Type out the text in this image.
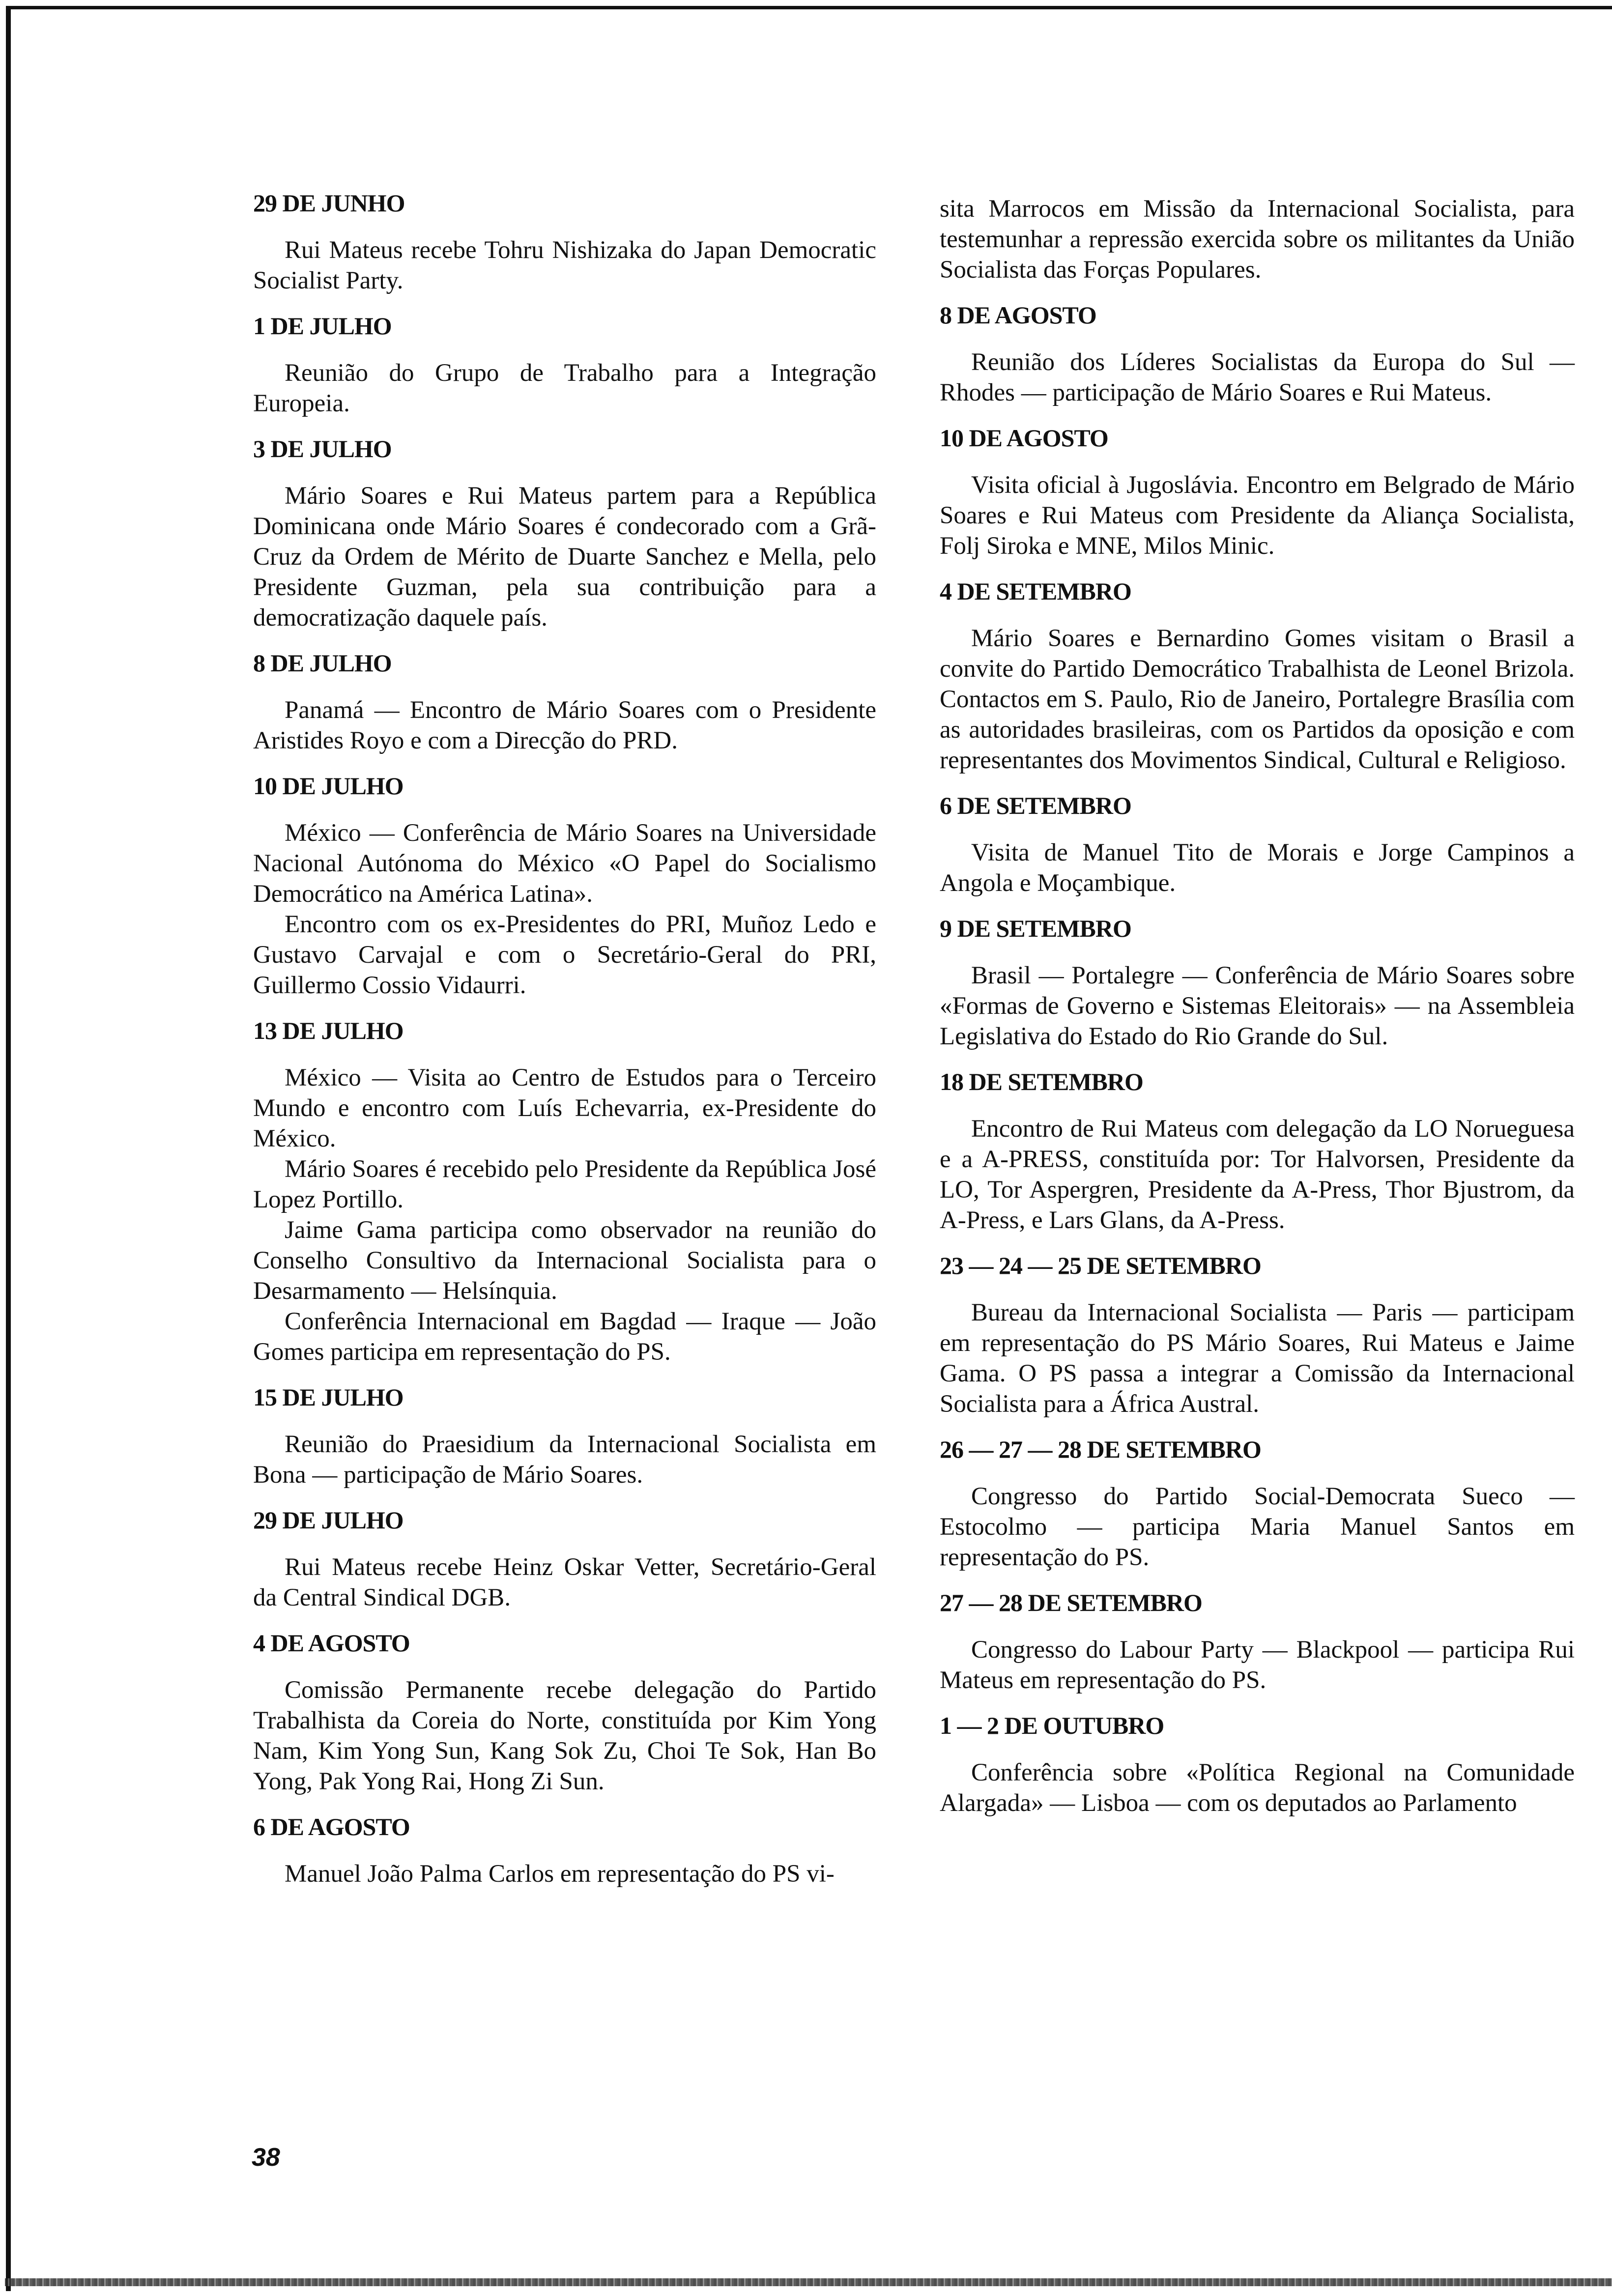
29 DE JUNHO

Rui Mateus recebe Tohru Nishizaka do Japan Democratic Socialist Party.

1 DE JULHO

Reunião do Grupo de Trabalho para a Integração Europeia.

3 DE JULHO

Mário Soares e Rui Mateus partem para a República Dominicana onde Mário Soares é condecorado com a Grã-Cruz da Ordem de Mérito de Duarte Sanchez e Mella, pelo Presidente Guzman, pela sua contribuição para a democratização daquele país.

8 DE JULHO

Panamá — Encontro de Mário Soares com o Presidente Aristides Royo e com a Direcção do PRD.

10 DE JULHO

México — Conferência de Mário Soares na Universidade Nacional Autónoma do México «O Papel do Socialismo Democrático na América Latina».

Encontro com os ex-Presidentes do PRI, Muñoz Ledo e Gustavo Carvajal e com o Secretário-Geral do PRI, Guillermo Cossio Vidaurri.

13 DE JULHO

México — Visita ao Centro de Estudos para o Terceiro Mundo e encontro com Luís Echevarria, ex-Presidente do México.

Mário Soares é recebido pelo Presidente da República José Lopez Portillo.

Jaime Gama participa como observador na reunião do Conselho Consultivo da Internacional Socialista para o Desarmamento — Helsínquia.

Conferência Internacional em Bagdad — Iraque — João Gomes participa em representação do PS.

15 DE JULHO

Reunião do Praesidium da Internacional Socialista em Bona — participação de Mário Soares.

29 DE JULHO

Rui Mateus recebe Heinz Oskar Vetter, Secretário-Geral da Central Sindical DGB.

4 DE AGOSTO

Comissão Permanente recebe delegação do Partido Trabalhista da Coreia do Norte, constituída por Kim Yong Nam, Kim Yong Sun, Kang Sok Zu, Choi Te Sok, Han Bo Yong, Pak Yong Rai, Hong Zi Sun.

6 DE AGOSTO

Manuel João Palma Carlos em representação do PS vi-

sita Marrocos em Missão da Internacional Socialista, para testemunhar a repressão exercida sobre os militantes da União Socialista das Forças Populares.

8 DE AGOSTO

Reunião dos Líderes Socialistas da Europa do Sul — Rhodes — participação de Mário Soares e Rui Mateus.

10 DE AGOSTO

Visita oficial à Jugoslávia. Encontro em Belgrado de Mário Soares e Rui Mateus com Presidente da Aliança Socialista, Folj Siroka e MNE, Milos Minic.

4 DE SETEMBRO

Mário Soares e Bernardino Gomes visitam o Brasil a convite do Partido Democrático Trabalhista de Leonel Brizola. Contactos em S. Paulo, Rio de Janeiro, Portalegre Brasília com as autoridades brasileiras, com os Partidos da oposição e com representantes dos Movimentos Sindical, Cultural e Religioso.

6 DE SETEMBRO

Visita de Manuel Tito de Morais e Jorge Campinos a Angola e Moçambique.

9 DE SETEMBRO

Brasil — Portalegre — Conferência de Mário Soares sobre «Formas de Governo e Sistemas Eleitorais» — na Assembleia Legislativa do Estado do Rio Grande do Sul.

18 DE SETEMBRO

Encontro de Rui Mateus com delegação da LO Norueguesa e a A-PRESS, constituída por: Tor Halvorsen, Presidente da LO, Tor Aspergren, Presidente da A-Press, Thor Bjustrom, da A-Press, e Lars Glans, da A-Press.

23 — 24 — 25 DE SETEMBRO

Bureau da Internacional Socialista — Paris — participam em representação do PS Mário Soares, Rui Mateus e Jaime Gama. O PS passa a integrar a Comissão da Internacional Socialista para a África Austral.

26 — 27 — 28 DE SETEMBRO

Congresso do Partido Social-Democrata Sueco — Estocolmo — participa Maria Manuel Santos em representação do PS.

27 — 28 DE SETEMBRO

Congresso do Labour Party — Blackpool — participa Rui Mateus em representação do PS.

1 — 2 DE OUTUBRO

Conferência sobre «Política Regional na Comunidade Alargada» — Lisboa — com os deputados ao Parlamento

38
